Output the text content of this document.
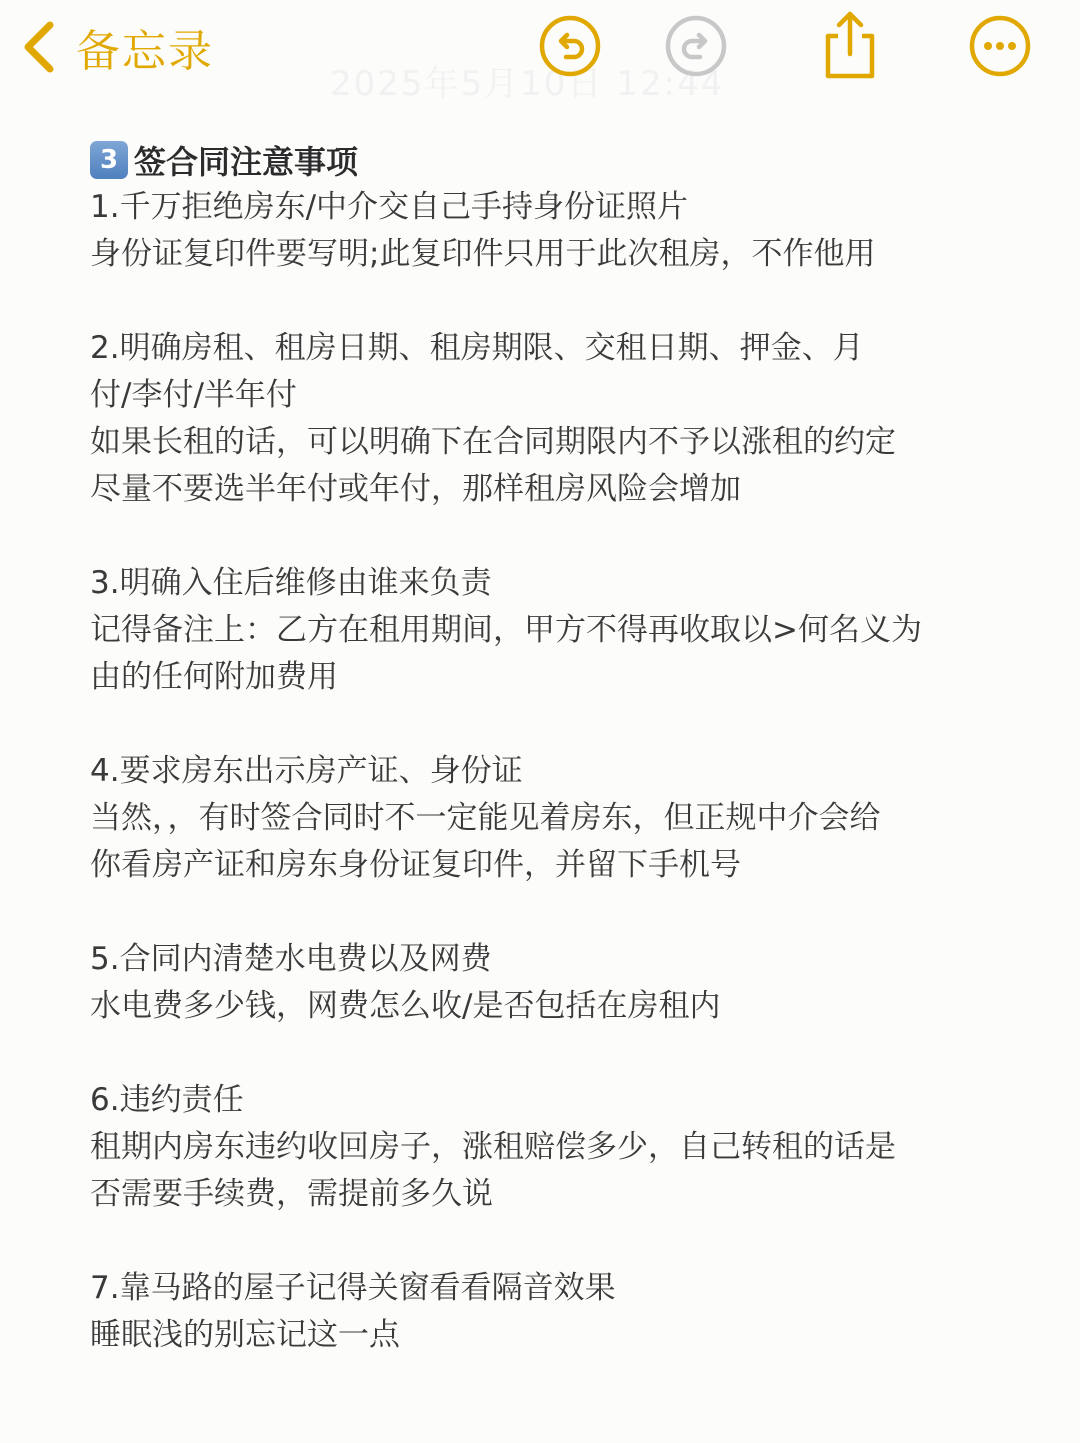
备忘录
2025年5月10日 12:44
3 签合同注意事项
1.千万拒绝房东/中介交自己手持身份证照片
身份证复印件要写明;此复印件只用于此次租房，不作他用
2.明确房租、租房日期、租房期限、交租日期、押金、月
付/李付/半年付
如果长租的话，可以明确下在合同期限内不予以涨租的约定
尽量不要选半年付或年付，那样租房风险会增加
3.明确入住后维修由谁来负责
记得备注上：乙方在租用期间，甲方不得再收取以>何名义为
由的任何附加费用
4.要求房东出示房产证、身份证
当然，，有时签合同时不一定能见着房东，但正规中介会给
你看房产证和房东身份证复印件，并留下手机号
5.合同内清楚水电费以及网费
水电费多少钱，网费怎么收/是否包括在房租内
6.违约责任
租期内房东违约收回房子，涨租赔偿多少，自己转租的话是
否需要手续费，需提前多久说
7.靠马路的屋子记得关窗看看隔音效果
睡眠浅的别忘记这一点
